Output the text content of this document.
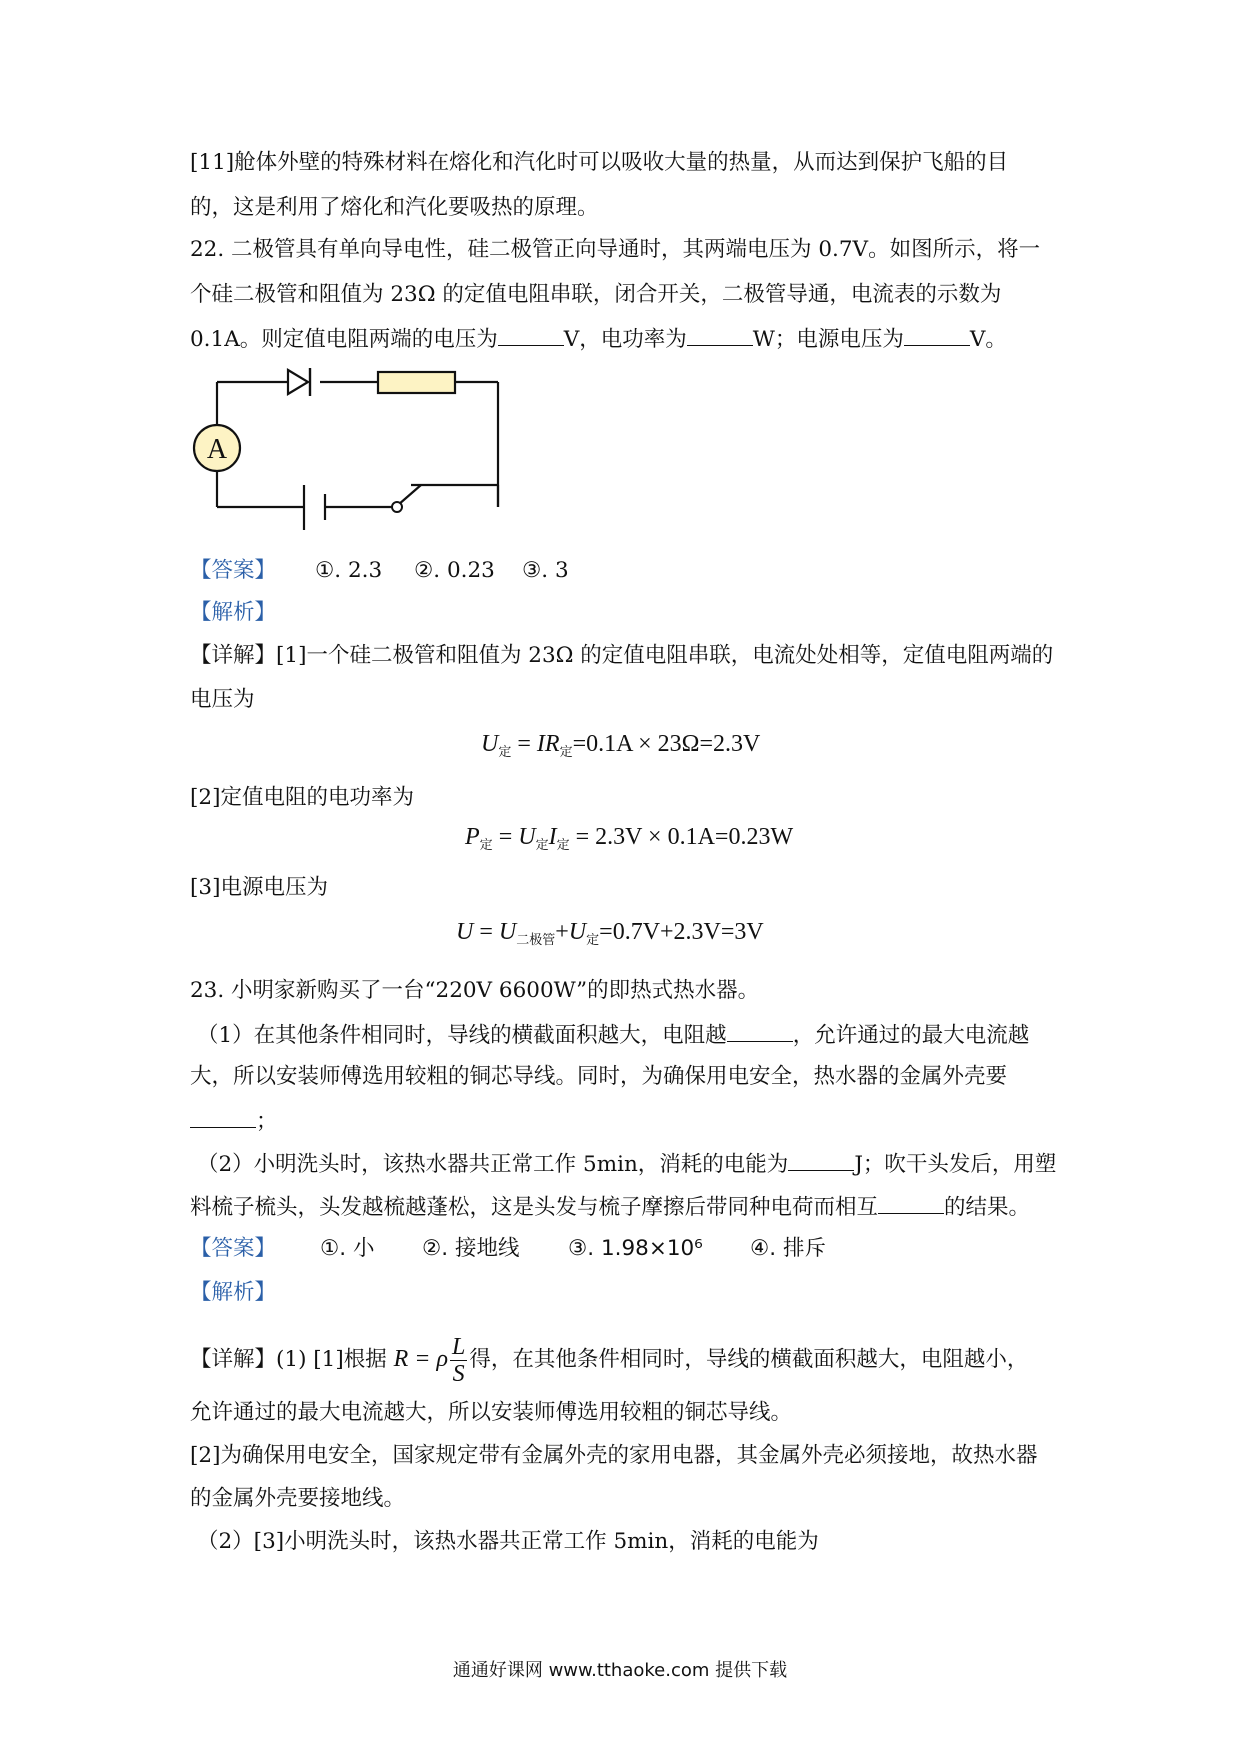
[11]舱体外壁的特殊材料在熔化和汽化时可以吸收大量的热量，从而达到保护飞船的目
的，这是利用了熔化和汽化要吸热的原理。
22. 二极管具有单向导电性，硅二极管正向导通时，其两端电压为 0.7V。如图所示，将一
个硅二极管和阻值为 23Ω 的定值电阻串联，闭合开关，二极管导通，电流表的示数为
0.1A。则定值电阻两端的电压为	V，电功率为	W；电源电压为	V。
A
【答案】 ①. 2.3 ②. 0.23 ③. 3
【解析】
【详解】[1]一个硅二极管和阻值为 23Ω 的定值电阻串联，电流处处相等，定值电阻两端的
电压为
$U_定 = IR_定=0.1A \times 23\Omega=2.3V$
[2]定值电阻的电功率为
$P_定 = U_定I_定 = 2.3V \times 0.1A=0.23W$
[3]电源电压为
$U = U_{二极管}+U_定=0.7V+2.3V=3V$
23. 小明家新购买了一台“220V 6600W”的即热式热水器。
（1）在其他条件相同时，导线的横截面积越大，电阻越	，允许通过的最大电流越
大，所以安装师傅选用较粗的铜芯导线。同时，为确保用电安全，热水器的金属外壳要
；
（2）小明洗头时，该热水器共正常工作 5min，消耗的电能为	J；吹干头发后，用塑
料梳子梳头，头发越梳越蓬松，这是头发与梳子摩擦后带同种电荷而相互	的结果。
【答案】 ①. 小 ②. 接地线 ③. 1.98×10⁶ ④. 排斥
【解析】
【详解】(1) [1]根据 R = ρ $\frac{L}{S}$ 得，在其他条件相同时，导线的横截面积越大，电阻越小，
允许通过的最大电流越大，所以安装师傅选用较粗的铜芯导线。
[2]为确保用电安全，国家规定带有金属外壳的家用电器，其金属外壳必须接地，故热水器
的金属外壳要接地线。
（2）[3]小明洗头时，该热水器共正常工作 5min，消耗的电能为
通通好课网 www.tthaoke.com 提供下载
